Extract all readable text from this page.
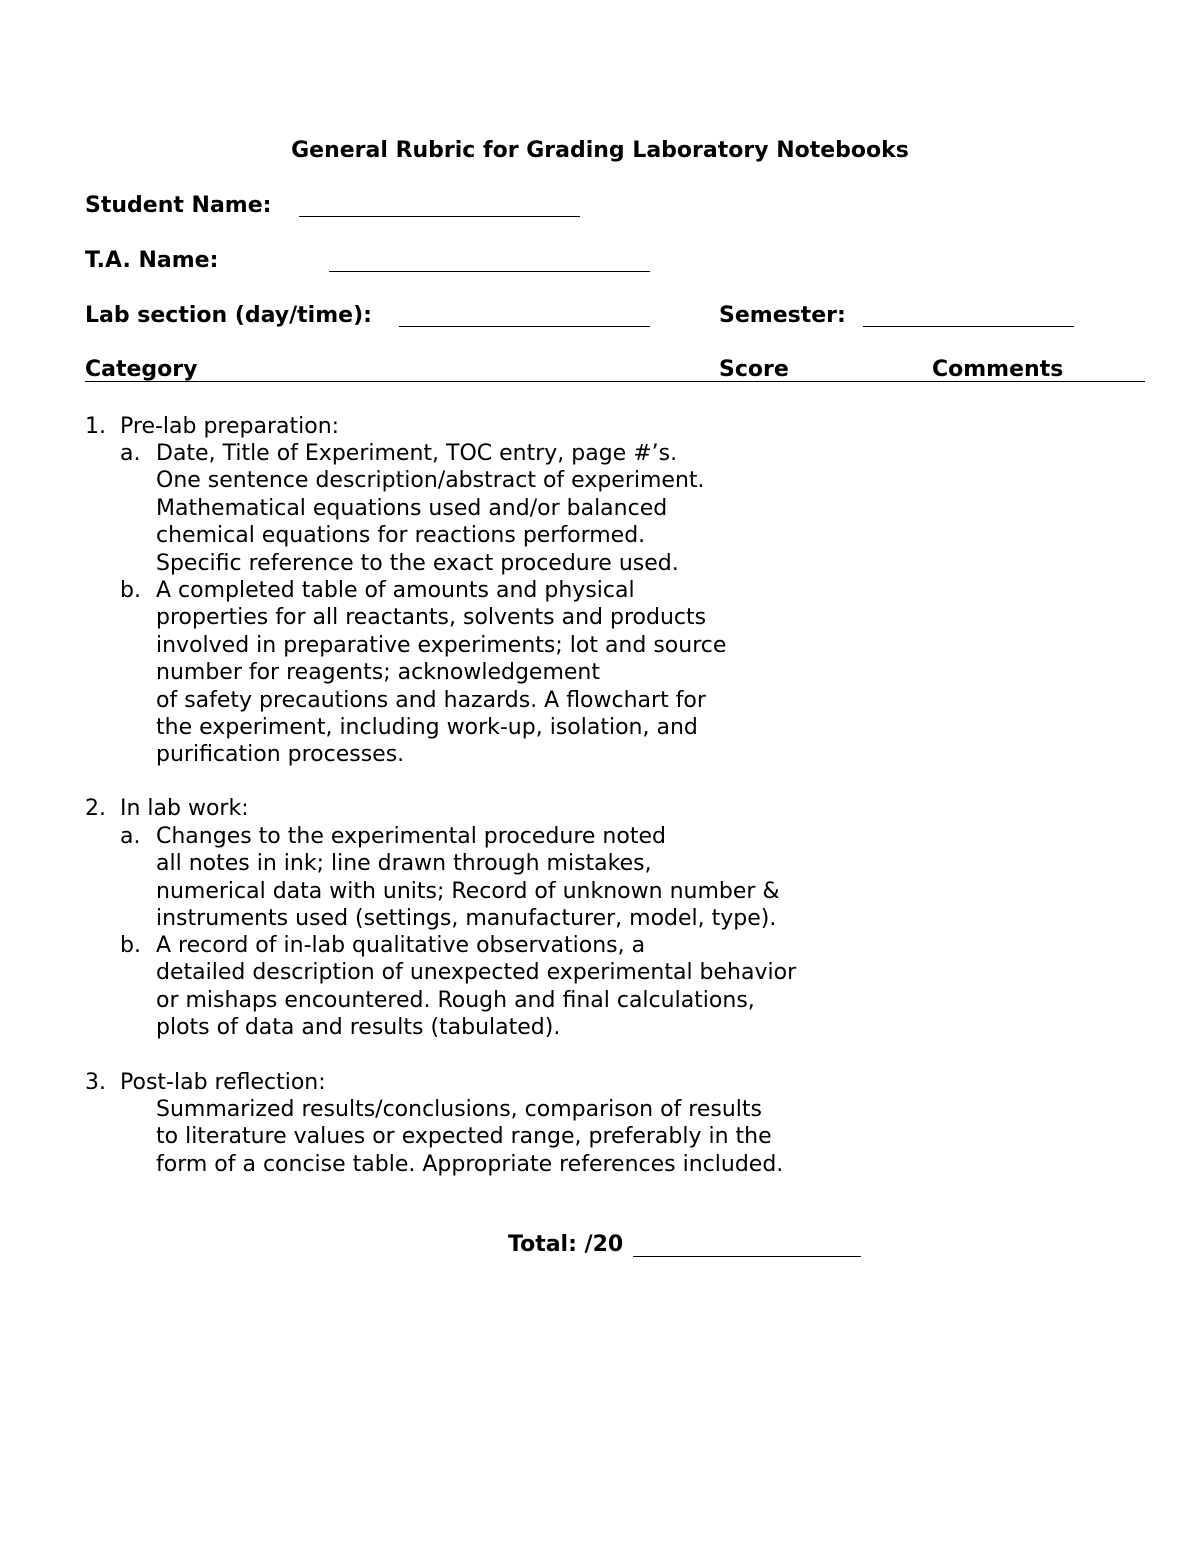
General Rubric for Grading Laboratory Notebooks
Student Name:
T.A. Name:
Lab section (day/time):	Semester:
Category	Score	Comments
1. Pre-lab preparation:
a. Date, Title of Experiment, TOC entry, page #’s.
One sentence description/abstract of experiment.
Mathematical equations used and/or balanced
chemical equations for reactions performed.
Specific reference to the exact procedure used.
b. A completed table of amounts and physical
properties for all reactants, solvents and products
involved in preparative experiments; lot and source
number for reagents; acknowledgement
of safety precautions and hazards. A flowchart for
the experiment, including work-up, isolation, and
purification processes.
2. In lab work:
a. Changes to the experimental procedure noted
all notes in ink; line drawn through mistakes,
numerical data with units; Record of unknown number &
instruments used (settings, manufacturer, model, type).
b. A record of in-lab qualitative observations, a
detailed description of unexpected experimental behavior
or mishaps encountered. Rough and final calculations,
plots of data and results (tabulated).
3. Post-lab reflection:
Summarized results/conclusions, comparison of results
to literature values or expected range, preferably in the
form of a concise table. Appropriate references included.
Total: /20
